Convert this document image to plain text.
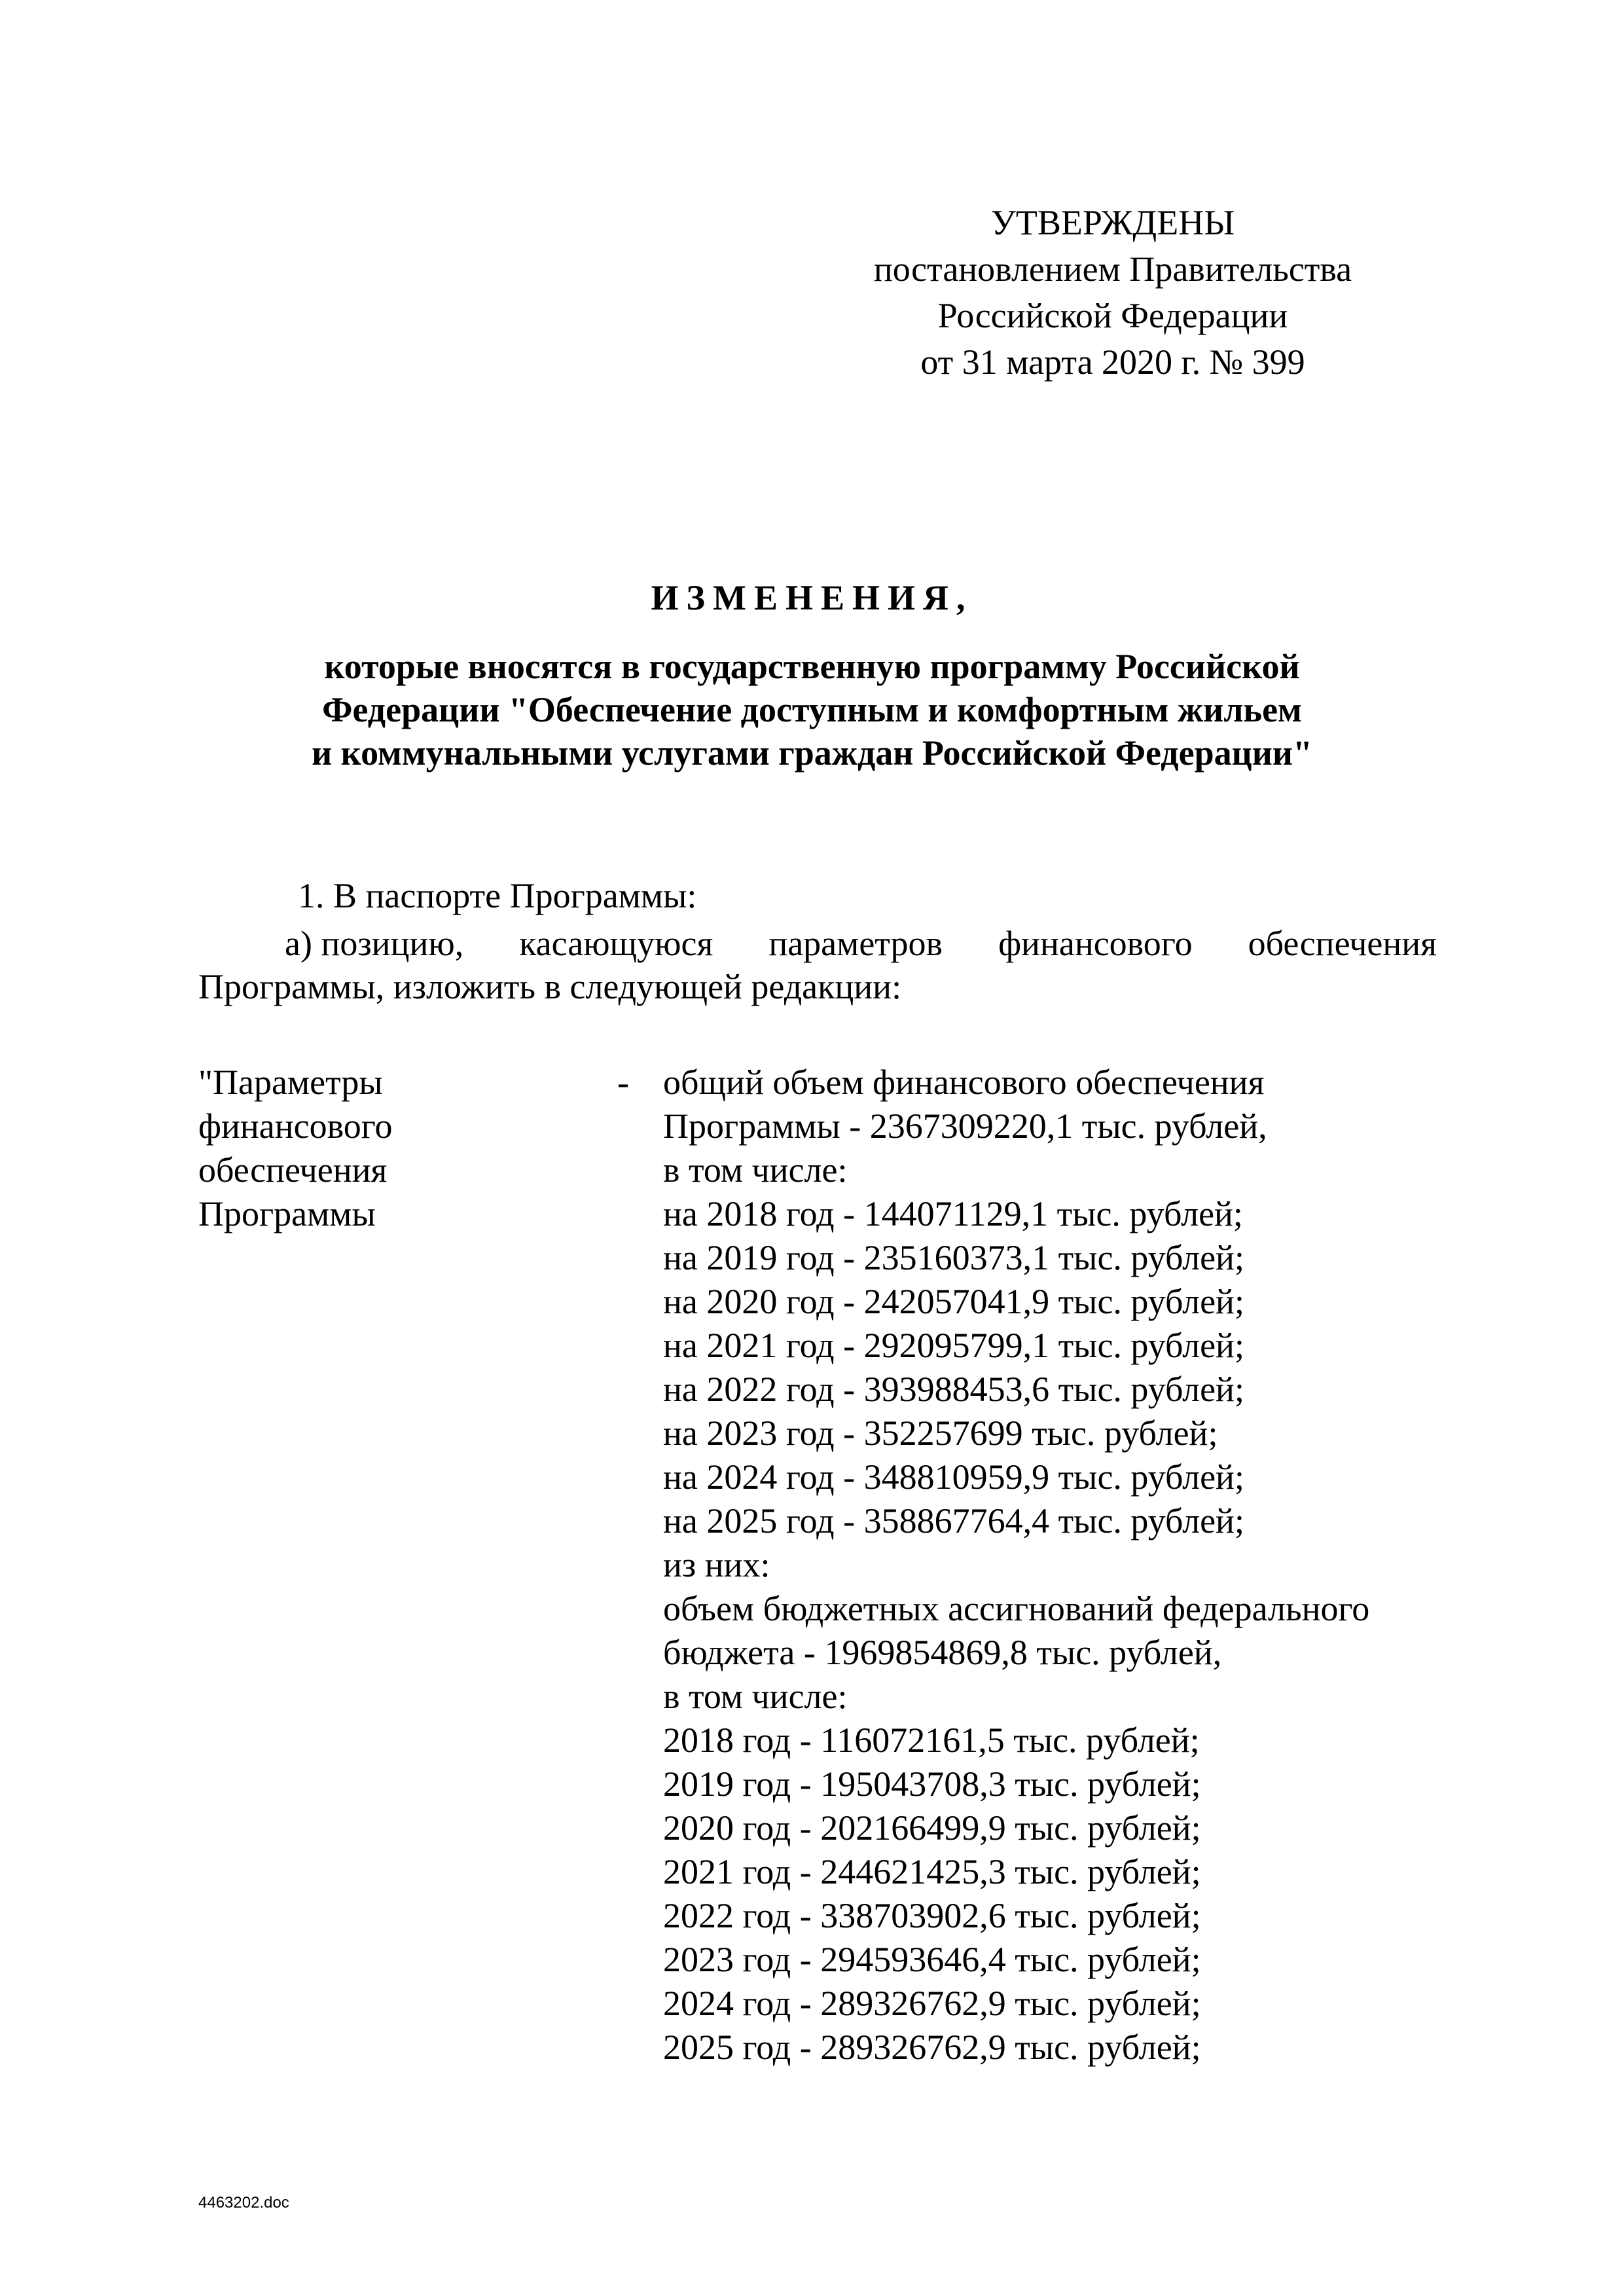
УТВЕРЖДЕНЫ
постановлением Правительства
Российской Федерации
от 31 марта 2020 г. № 399
ИЗМЕНЕНИЯ,
которые вносятся в государственную программу Российской
Федерации "Обеспечение доступным и комфортным жильем
и коммунальными услугами граждан Российской Федерации"
1. В паспорте Программы:
а) позицию, касающуюся параметров финансового обеспечения
Программы, изложить в следующей редакции:
"Параметры
финансового
обеспечения
Программы
- общий объем финансового обеспечения
Программы - 2367309220,1 тыс. рублей,
в том числе:
на 2018 год - 144071129,1 тыс. рублей;
на 2019 год - 235160373,1 тыс. рублей;
на 2020 год - 242057041,9 тыс. рублей;
на 2021 год - 292095799,1 тыс. рублей;
на 2022 год - 393988453,6 тыс. рублей;
на 2023 год - 352257699 тыс. рублей;
на 2024 год - 348810959,9 тыс. рублей;
на 2025 год - 358867764,4 тыс. рублей;
из них:
объем бюджетных ассигнований федерального
бюджета - 1969854869,8 тыс. рублей,
в том числе:
2018 год - 116072161,5 тыс. рублей;
2019 год - 195043708,3 тыс. рублей;
2020 год - 202166499,9 тыс. рублей;
2021 год - 244621425,3 тыс. рублей;
2022 год - 338703902,6 тыс. рублей;
2023 год - 294593646,4 тыс. рублей;
2024 год - 289326762,9 тыс. рублей;
2025 год - 289326762,9 тыс. рублей;
4463202.doc
